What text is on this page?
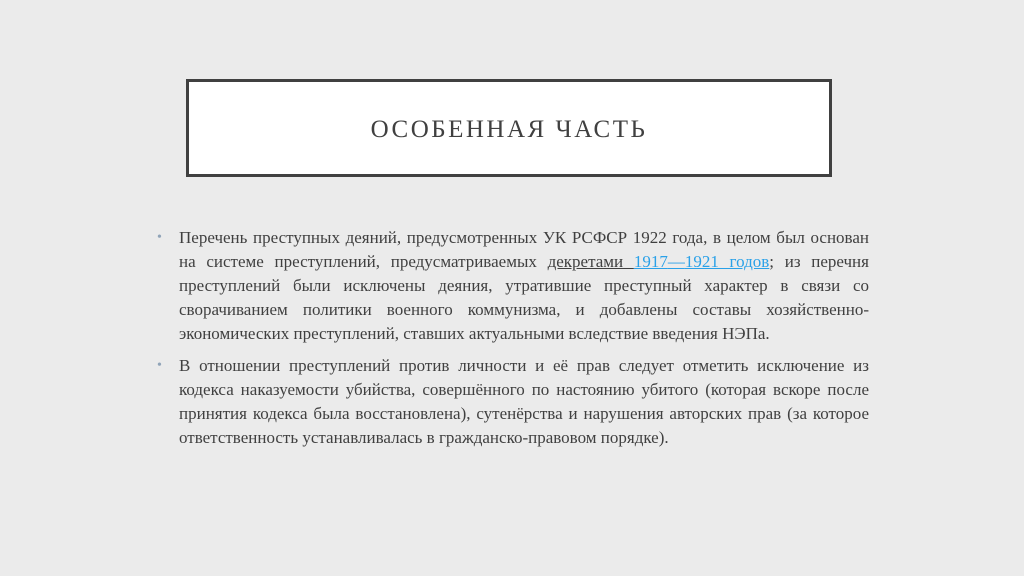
ОСОБЕННАЯ ЧАСТЬ
• Перечень преступных деяний, предусмотренных УК РСФСР 1922 года, в целом был основан на системе преступлений, предусматриваемых декретами 1917—1921 годов; из перечня преступлений были исключены деяния, утратившие преступный характер в связи со сворачиванием политики военного коммунизма, и добавлены составы хозяйственно-экономических преступлений, ставших актуальными вследствие введения НЭПа.
• В отношении преступлений против личности и её прав следует отметить исключение из кодекса наказуемости убийства, совершённого по настоянию убитого (которая вскоре после принятия кодекса была восстановлена), сутенёрства и нарушения авторских прав (за которое ответственность устанавливалась в гражданско-правовом порядке).
